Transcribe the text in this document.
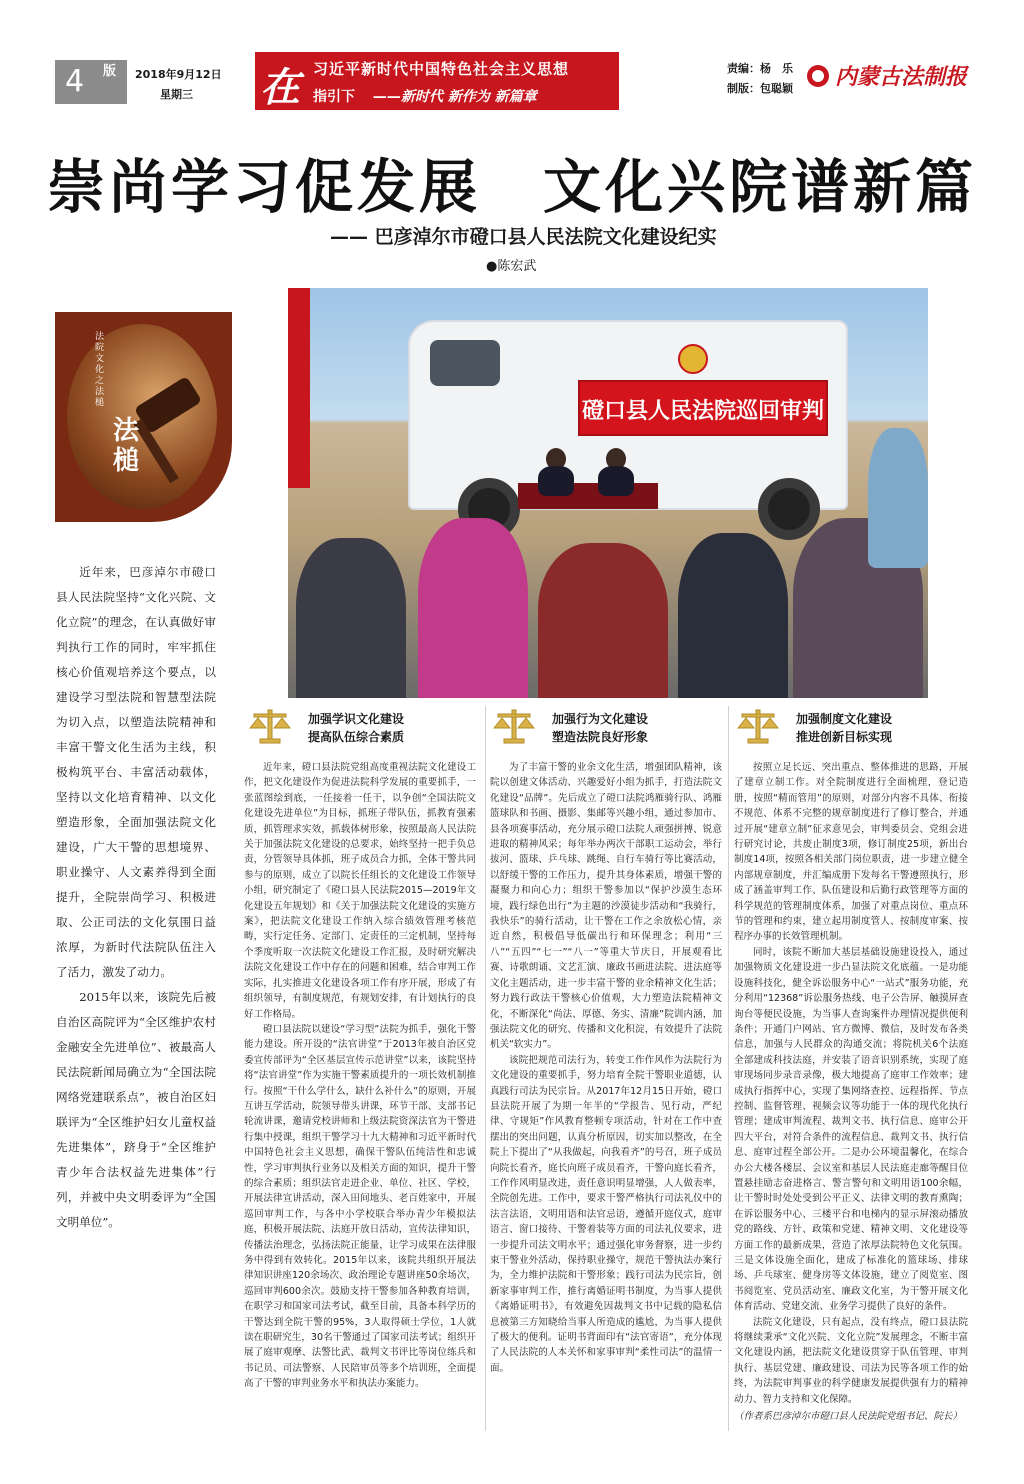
4 版	2018年9月12日
星期三 在 习近平新时代中国特色社会主义思想
指引下 ——新时代 新作为 新篇章
责编：杨　乐
制版：包聪颖 内蒙古法制报
崇尚学习促发展　文化兴院谱新篇
—— 巴彦淖尔市磴口县人民法院文化建设纪实
●陈宏武
磴口县人民法院巡回审判
法院文化之法槌
法槌

近年来，巴彦淖尔市磴口县人民法院坚持“文化兴院、文化立院”的理念，在认真做好审判执行工作的同时，牢牢抓住核心价值观培养这个要点，以建设学习型法院和智慧型法院为切入点，以塑造法院精神和丰富干警文化生活为主线，积极构筑平台、丰富活动载体，坚持以文化培育精神、以文化塑造形象，全面加强法院文化建设，广大干警的思想境界、职业操守、人文素养得到全面提升，全院崇尚学习、积极进取、公正司法的文化氛围日益浓厚，为新时代法院队伍注入了活力，激发了动力。

2015年以来，该院先后被自治区高院评为“全区维护农村金融安全先进单位”、被最高人民法院新闻局确立为“全国法院网络党建联系点”，被自治区妇联评为“全区维护妇女儿童权益先进集体”，跻身于“全区维护青少年合法权益先进集体”行列，并被中央文明委评为“全国文明单位”。

加强学识文化建设
提高队伍综合素质
加强行为文化建设
塑造法院良好形象
加强制度文化建设
推进创新目标实现

近年来，磴口县法院党组高度重视法院文化建设工作，把文化建设作为促进法院科学发展的重要抓手，一张蓝图绘到底，一任接着一任干，以争创“全国法院文化建设先进单位”为目标，抓班子带队伍，抓教育强素质，抓管理求实效，抓载体树形象，按照最高人民法院关于加强法院文化建设的总要求，始终坚持一把手负总责，分管领导具体抓，班子成员合力抓，全体干警共同参与的原则，成立了以院长任组长的文化建设工作领导小组，研究制定了《磴口县人民法院2015—2019年文化建设五年规划》和《关于加强法院文化建设的实施方案》，把法院文化建设工作纳入综合绩效管理考核范畴，实行定任务、定部门、定责任的三定机制，坚持每个季度听取一次法院文化建设工作汇报，及时研究解决法院文化建设工作中存在的问题和困难，结合审判工作实际，扎实推进文化建设各项工作有序开展，形成了有组织领导，有制度规范，有规划安排，有计划执行的良好工作格局。

磴口县法院以建设“学习型”法院为抓手，强化干警能力建设。所开设的“法官讲堂”于2013年被自治区党委宣传部评为“全区基层宣传示范讲堂”以来，该院坚持将“法官讲堂”作为实施干警素质提升的一项长效机制推行。按照“干什么学什么，缺什么补什么”的原则，开展互讲互学活动，院领导带头讲课，环节干部、支部书记轮流讲课，邀请党校讲师和上级法院资深法官为干警进行集中授课，组织干警学习十九大精神和习近平新时代中国特色社会主义思想，确保干警队伍纯洁性和忠诚性，学习审判执行业务以及相关方面的知识，提升干警的综合素质；组织法官走进企业、单位、社区、学校，开展法律宣讲活动，深入田间地头、老百姓家中，开展巡回审判工作，与各中小学校联合举办青少年模拟法庭，积极开展法院、法庭开放日活动，宣传法律知识，传播法治理念，弘扬法院正能量，让学习成果在法律服务中得到有效转化。2015年以来，该院共组织开展法律知识讲座120余场次、政治理论专题讲座50余场次，巡回审判600余次。鼓励支持干警参加各种教育培训，在职学习和国家司法考试，截至目前，具备本科学历的干警达到全院干警的95%，3人取得硕士学位，1人就读在职研究生，30名干警通过了国家司法考试；组织开展了庭审观摩、法警比武、裁判文书评比等岗位练兵和书记员、司法警察、人民陪审员等多个培训班，全面提高了干警的审判业务水平和执法办案能力。

为了丰富干警的业余文化生活，增强团队精神，该院以创建文体活动、兴趣爱好小组为抓手，打造法院文化建设“品牌”。先后成立了磴口法院鸿雁骑行队、鸿雁篮球队和书画、摄影、集邮等兴趣小组，通过参加市、县各项赛事活动，充分展示磴口法院人顽强拼搏、锐意进取的精神风采；每年举办两次干部职工运动会，举行拔河、篮球、乒乓球、跳绳、自行车骑行等比赛活动，以舒缓干警的工作压力，提升其身体素质，增强干警的凝聚力和向心力；组织干警参加以“保护沙漠生态环境，践行绿色出行”为主题的沙漠徒步活动和“我骑行，我快乐”的骑行活动，让干警在工作之余放松心情，亲近自然，积极倡导低碳出行和环保理念；利用“三八”“五四”“七一”“八一”等重大节庆日，开展观看比赛、诗歌朗诵、文艺汇演、廉政书画进法院、进法庭等文化主题活动，进一步丰富干警的业余精神文化生活；努力践行政法干警核心价值观，大力塑造法院精神文化，不断深化“尚法、厚德、务实、清廉”院训内涵，加强法院文化的研究、传播和文化积淀，有效提升了法院机关“软实力”。

该院把规范司法行为，转变工作作风作为法院行为文化建设的重要抓手，努力培育全院干警职业道德，认真践行司法为民宗旨。从2017年12月15日开始，磴口县法院开展了为期一年半的“学报告、见行动，严纪律、守规矩”作风教育整顿专项活动，针对在工作中查摆出的突出问题，认真分析原因，切实加以整改，在全院上下提出了“从我做起，向我看齐”的号召，班子成员向院长看齐，庭长向班子成员看齐，干警向庭长看齐，工作作风明显改进，责任意识明显增强，人人做表率，全院创先进。工作中，要求干警严格执行司法礼仪中的法言法语，文明用语和法官忌语，遵循开庭仪式，庭审语言、窗口接待、干警着装等方面的司法礼仪要求，进一步提升司法文明水平；通过强化审务督察，进一步约束干警业外活动，保持职业操守，规范干警执法办案行为，全力维护法院和干警形象；践行司法为民宗旨，创新家事审判工作，推行离婚证明书制度，为当事人提供《离婚证明书》，有效避免因裁判文书中记载的隐私信息被第三方知晓给当事人所造成的尴尬，为当事人提供了极大的便利。证明书背面印有“法官寄语”，充分体现了人民法院的人本关怀和家事审判“柔性司法”的温情一面。

按照立足长远、突出重点、整体推进的思路，开展了建章立制工作。对全院制度进行全面梳理，登记造册，按照“精而管用”的原则，对部分内容不具体、衔接不规范、体系不完整的规章制度进行了修订整合，并通过开展“建章立制”征求意见会，审判委员会、党组会进行研究讨论，共废止制度3项，修订制度25项，新出台制度14项，按照各相关部门岗位职责，进一步建立健全内部规章制度，并汇编成册下发每名干警遵照执行，形成了涵盖审判工作、队伍建设和后勤行政管理等方面的科学规范的管理制度体系，加强了对重点岗位、重点环节的管理和约束，建立起用制度管人、按制度审案、按程序办事的长效管理机制。

同时，该院不断加大基层基础设施建设投入，通过加强物质文化建设进一步凸显法院文化底蕴。一是功能设施科技化，健全诉讼服务中心“一站式”服务功能，充分利用“12368”诉讼服务热线、电子公告屏、触摸屏查询台等便民设施，为当事人查询案件办理情况提供便利条件；开通门户网站、官方微博、微信，及时发布各类信息，加强与人民群众的沟通交流；将院机关6个法庭全部建成科技法庭，并安装了语音识别系统，实现了庭审现场同步录音录像，极大地提高了庭审工作效率；建成执行指挥中心，实现了集网络查控、远程指挥、节点控制、监督管理、视频会议等功能于一体的现代化执行管理；建成审判流程、裁判文书、执行信息、庭审公开四大平台，对符合条件的流程信息、裁判文书、执行信息、庭审过程全部公开。二是办公环境温馨化，在综合办公大楼各楼层、会议室和基层人民法庭走廊等醒目位置悬挂励志奋进格言、警言警句和文明用语100余幅，让干警时时处处受到公平正义、法律文明的教育熏陶；在诉讼服务中心、三楼平台和电梯内的显示屏滚动播放党的路线、方针、政策和党建、精神文明、文化建设等方面工作的最新成果，营造了浓厚法院特色文化氛围。三是文体设施全面化，建成了标准化的篮球场、排球场、乒乓球室、健身房等文体设施，建立了阅览室、图书阅览室、党员活动室、廉政文化室，为干警开展文化体育活动、党建交流、业务学习提供了良好的条件。

法院文化建设，只有起点，没有终点，磴口县法院将继续秉承“文化兴院、文化立院”发展理念，不断丰富文化建设内涵，把法院文化建设贯穿于队伍管理、审判执行、基层党建、廉政建设、司法为民等各项工作的始终，为法院审判事业的科学健康发展提供强有力的精神动力、智力支持和文化保障。

（作者系巴彦淖尔市磴口县人民法院党组书记、院长）
